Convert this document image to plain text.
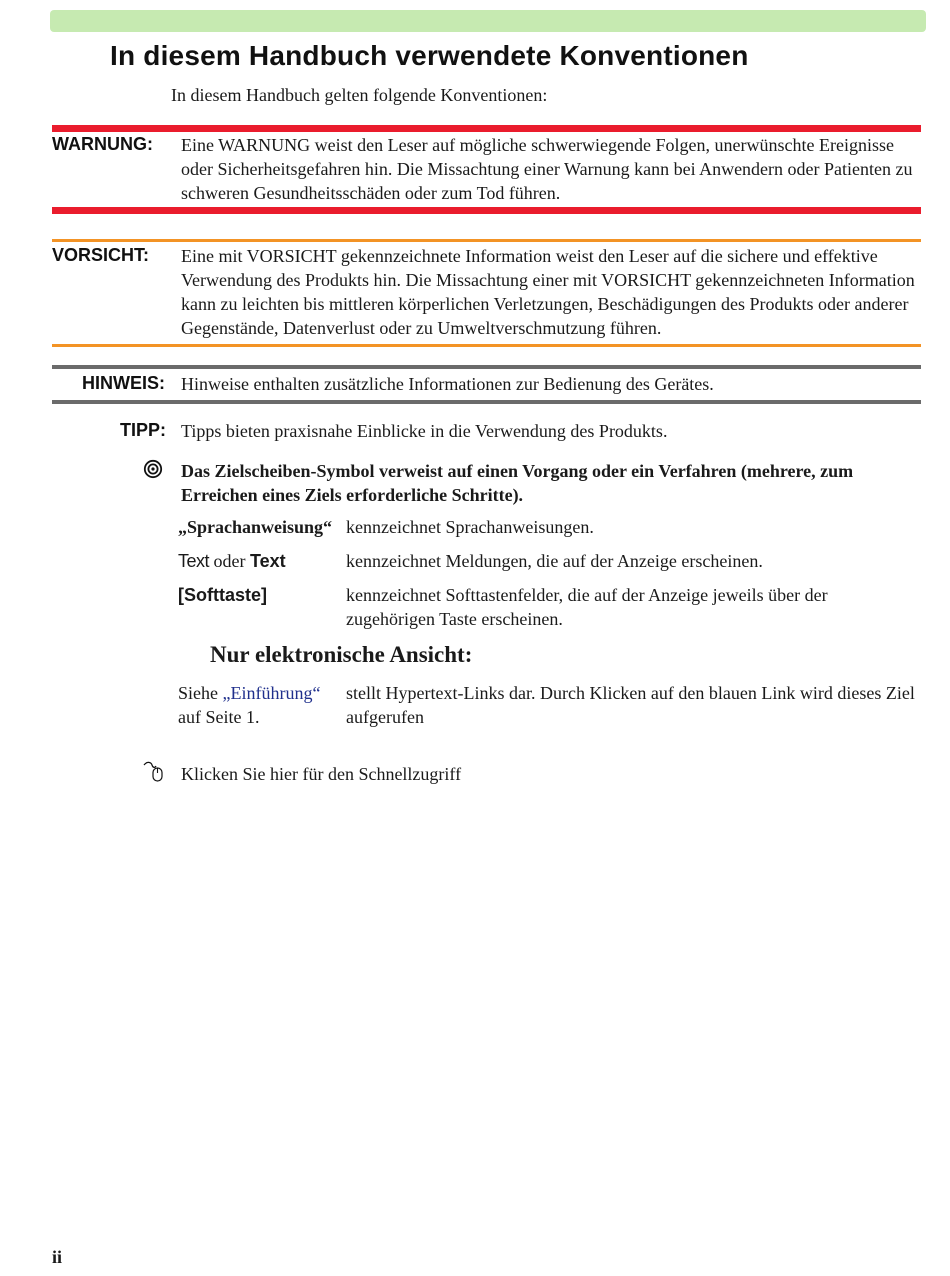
In diesem Handbuch verwendete Konventionen
In diesem Handbuch gelten folgende Konventionen:
WARNUNG: Eine WARNUNG weist den Leser auf mögliche schwerwiegende Folgen, unerwünschte Ereignisse oder Sicherheitsgefahren hin. Die Missachtung einer Warnung kann bei Anwendern oder Patienten zu schweren Gesundheitsschäden oder zum Tod führen.

VORSICHT: Eine mit VORSICHT gekennzeichnete Information weist den Leser auf die sichere und effektive Verwendung des Produkts hin. Die Missachtung einer mit VORSICHT gekennzeichneten Information kann zu leichten bis mittleren körperlichen Verletzungen, Beschädigungen des Produkts oder anderer Gegenstände, Datenverlust oder zu Umweltverschmutzung führen.

HINWEIS: Hinweise enthalten zusätzliche Informationen zur Bedienung des Gerätes.

TIPP: Tipps bieten praxisnahe Einblicke in die Verwendung des Produkts.

Das Zielscheiben-Symbol verweist auf einen Vorgang oder ein Verfahren (mehrere, zum Erreichen eines Ziels erforderliche Schritte).

„Sprachanweisung“ kennzeichnet Sprachanweisungen.

Text oder Text	kennzeichnet Meldungen, die auf der Anzeige erscheinen.

[Softtaste]	kennzeichnet Softtastenfelder, die auf der Anzeige jeweils über der zugehörigen Taste erscheinen.

Nur elektronische Ansicht:
Siehe „Einführung“
auf Seite 1.

stellt Hypertext-Links dar. Durch Klicken auf den blauen Link wird dieses Ziel aufgerufen

Klicken Sie hier für den Schnellzugriff

ii
